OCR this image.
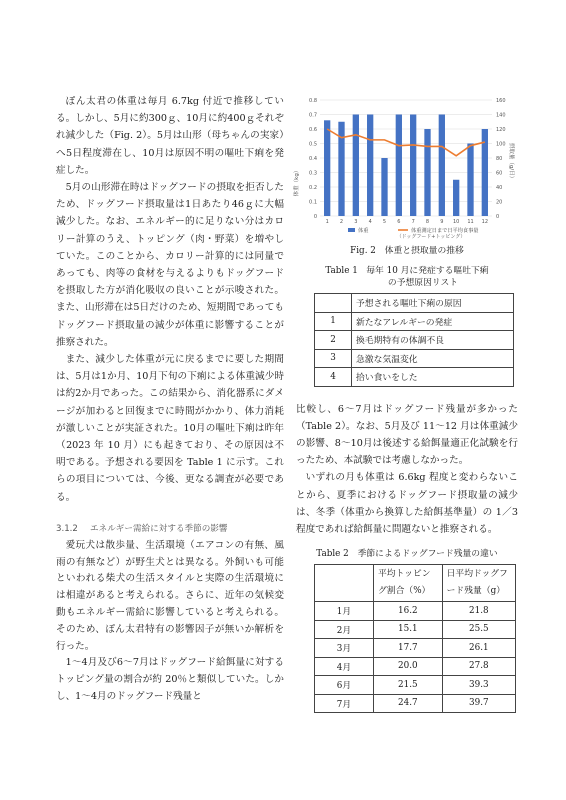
ぽん太君の体重は毎月 6.7kg 付近で推移している。しかし、5月に約300ｇ、10月に約400ｇそれぞれ減少した（Fig. 2）。5月は山形（母ちゃんの実家）へ5日程度滞在し、10月は原因不明の嘔吐下痢を発症した。

5月の山形滞在時はドッグフードの摂取を拒否したため、ドッグフード摂取量は1日あたり46ｇに大幅減少した。なお、エネルギー的に足りない分はカロリー計算のうえ、トッピング（肉・野菜）を増やしていた。このことから、カロリー計算的には同量であっても、肉等の食材を与えるよりもドッグフードを摂取した方が消化吸収の良いことが示唆された。また、山形滞在は5日だけのため、短期間であってもドッグフード摂取量の減少が体重に影響することが推察された。

また、減少した体重が元に戻るまでに要した期間は、5月は1か月、10月下旬の下痢による体重減少時は約2か月であった。この結果から、消化器系にダメージが加わると回復までに時間がかかり、体力消耗が激しいことが実証された。10月の嘔吐下痢は昨年（2023 年 10 月）にも起きており、その原因は不明である。予想される要因を Table 1 に示す。これらの項目については、今後、更なる調査が必要である。

3.1.2 エネルギー需給に対する季節の影響

愛玩犬は散歩量、生活環境（エアコンの有無、風雨の有無など）が野生犬とは異なる。外飼いも可能といわれる柴犬の生活スタイルと実際の生活環境には相違があると考えられる。さらに、近年の気候変動もエネルギー需給に影響していると考えられる。そのため、ぽん太君特有の影響因子が無いか解析を行った。

1～4月及び6～7月はドッグフード給餌量に対するトッピング量の割合が約 20％と類似していた。しかし、1～4月のドッグフード残量と

0.8	160
0.7	140
0.6	120
0.5	100
0.4	80
0.3	60
0.2	40
0.1	20
0	0
1 2 3 4 5 6 7 8 9 10 11 12
体重（kg）
摂取量（g/日）
（ドッグフード+トッピング）
体重	体重測定日まで日平均食事量
Fig. 2　体重と摂取量の推移
Table 1 毎年 10 月に発症する嘔吐下痢
の予想原因リスト
	予想される嘔吐下痢の原因
1	新たなアレルギーの発症
2	換毛期特有の体調不良
3	急激な気温変化
4	拾い食いをした

比較し、6～7月はドッグフード残量が多かった（Table 2）。なお、5月及び 11～12 月は体重減少の影響、8～10月は後述する給餌量適正化試験を行ったため、本試験では考慮しなかった。

いずれの月も体重は 6.6kg 程度と変わらないことから、夏季におけるドッグフード摂取量の減少は、冬季（体重から換算した給餌基準量）の 1／3 程度であれば給餌量に問題ないと推察される。

Table 2　季節によるドッグフード残量の違い
	平均トッピング割合（%）	日平均ドッグフード残量（g）
1月	16.2	21.8
2月	15.1	25.5
3月	17.7	26.1
4月	20.0	27.8
6月	21.5	39.3
7月	24.7	39.7
